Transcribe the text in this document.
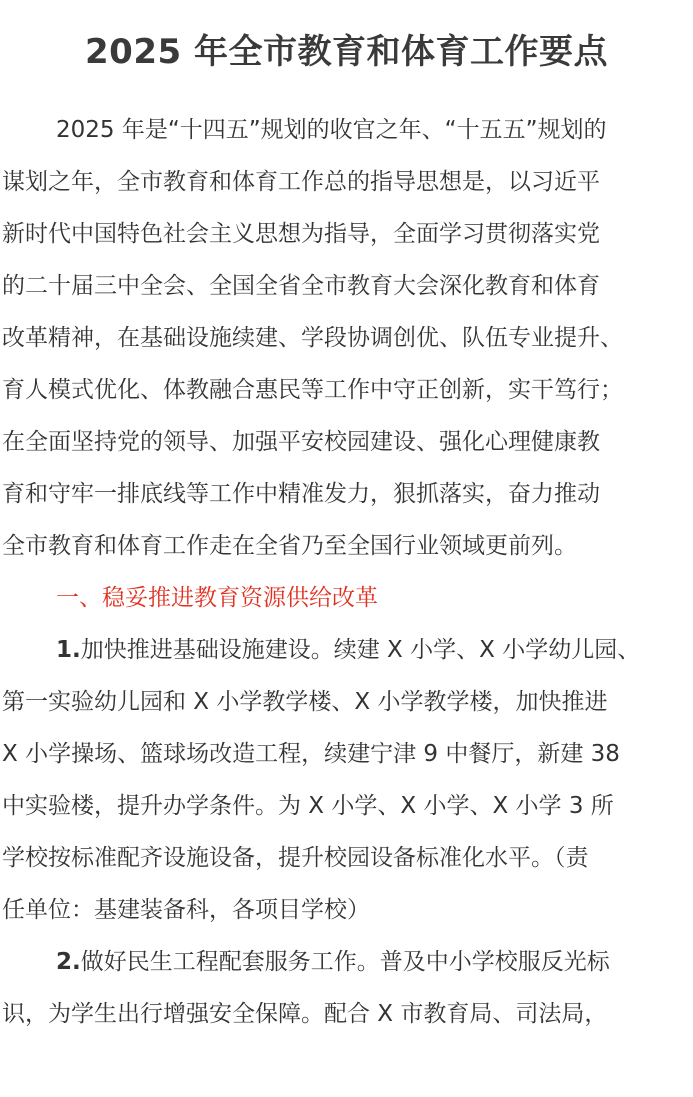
2025 年全市教育和体育工作要点
2025 年是“十四五”规划的收官之年、“十五五”规划的
谋划之年，全市教育和体育工作总的指导思想是，以习近平
新时代中国特色社会主义思想为指导，全面学习贯彻落实党
的二十届三中全会、全国全省全市教育大会深化教育和体育
改革精神，在基础设施续建、学段协调创优、队伍专业提升、
育人模式优化、体教融合惠民等工作中守正创新，实干笃行；
在全面坚持党的领导、加强平安校园建设、强化心理健康教
育和守牢一排底线等工作中精准发力，狠抓落实，奋力推动
全市教育和体育工作走在全省乃至全国行业领域更前列。
一、稳妥推进教育资源供给改革
1.加快推进基础设施建设。续建 X 小学、X 小学幼儿园、
第一实验幼儿园和 X 小学教学楼、X 小学教学楼，加快推进
X 小学操场、篮球场改造工程，续建宁津 9 中餐厅，新建 38
中实验楼，提升办学条件。为 X 小学、X 小学、X 小学 3 所
学校按标准配齐设施设备，提升校园设备标准化水平。（责
任单位：基建装备科，各项目学校）
2.做好民生工程配套服务工作。普及中小学校服反光标
识，为学生出行增强安全保障。配合 X 市教育局、司法局，
